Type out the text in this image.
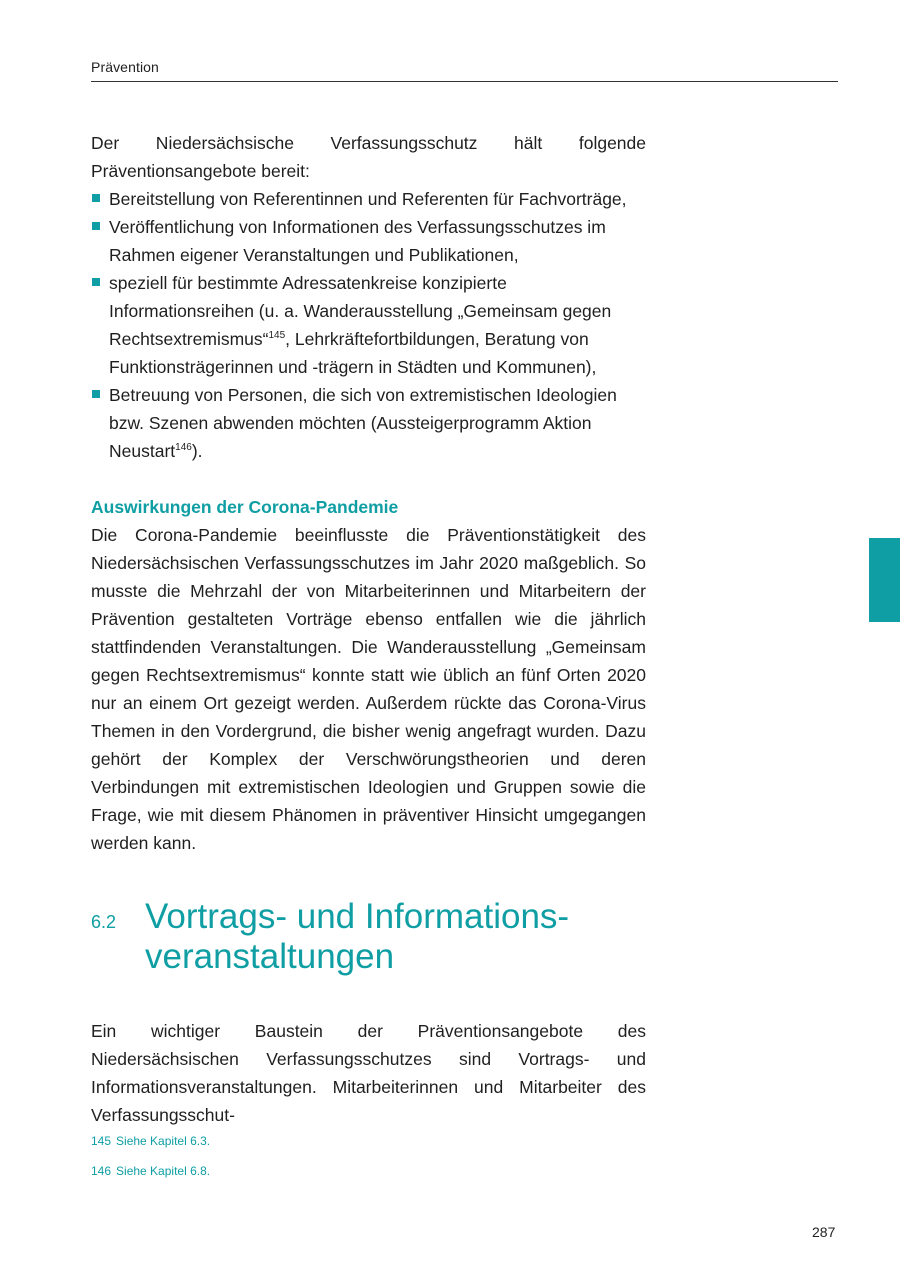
Prävention

Der Niedersächsische Verfassungsschutz hält folgende Präventionsangebote bereit:

Bereitstellung von Referentinnen und Referenten für Fachvorträge,
Veröffentlichung von Informationen des Verfassungsschutzes im Rahmen eigener Veranstaltungen und Publikationen,
speziell für bestimmte Adressatenkreise konzipierte Informationsreihen (u. a. Wanderausstellung „Gemeinsam gegen Rechtsextremismus“$^{145}$, Lehrkräftefortbildungen, Beratung von Funktionsträgerinnen und -trägern in Städten und Kommunen),
Betreuung von Personen, die sich von extremistischen Ideologien bzw. Szenen abwenden möchten (Aussteigerprogramm Aktion Neustart$^{146}$).
Auswirkungen der Corona-Pandemie

Die Corona-Pandemie beeinflusste die Präventionstätigkeit des Niedersächsischen Verfassungsschutzes im Jahr 2020 maßgeblich. So musste die Mehrzahl der von Mitarbeiterinnen und Mitarbeitern der Prävention gestalteten Vorträge ebenso entfallen wie die jährlich stattfindenden Veranstaltungen. Die Wanderausstellung „Gemeinsam gegen Rechtsextremismus“ konnte statt wie üblich an fünf Orten 2020 nur an einem Ort gezeigt werden. Außerdem rückte das Corona-Virus Themen in den Vordergrund, die bisher wenig angefragt wurden. Dazu gehört der Komplex der Verschwörungstheorien und deren Verbindungen mit extremistischen Ideologien und Gruppen sowie die Frage, wie mit diesem Phänomen in präventiver Hinsicht umgegangen werden kann.

6.2 Vortrags- und Informations-
veranstaltungen

Ein wichtiger Baustein der Präventionsangebote des Niedersächsischen Verfassungsschutzes sind Vortrags- und Informationsveranstaltungen. Mitarbeiterinnen und Mitarbeiter des Verfassungsschut-

145 Siehe Kapitel 6.3.

146 Siehe Kapitel 6.8.

287
